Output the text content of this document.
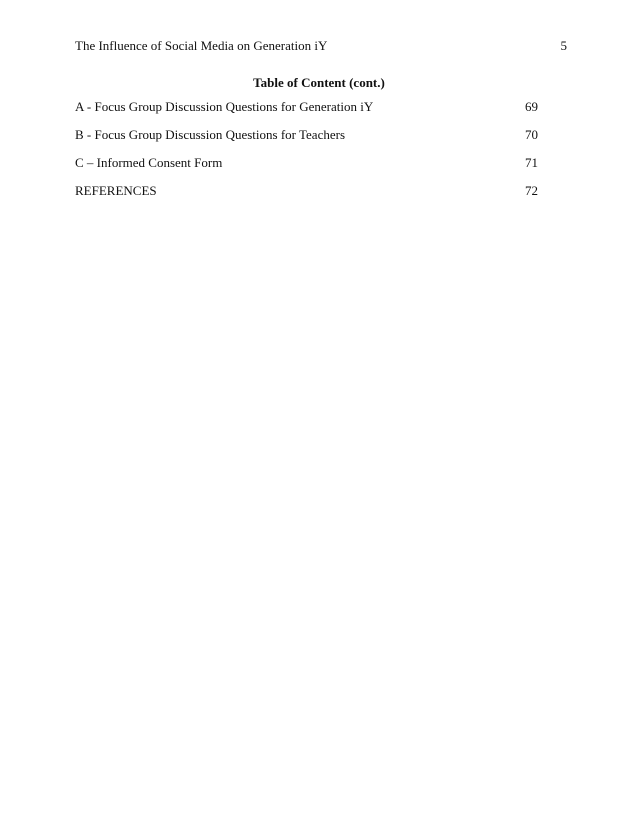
The Influence of Social Media on Generation iY	5
Table of Content (cont.)
A - Focus Group Discussion Questions for Generation iY	69
B - Focus Group Discussion Questions for Teachers	70
C – Informed Consent Form	71
REFERENCES	72
